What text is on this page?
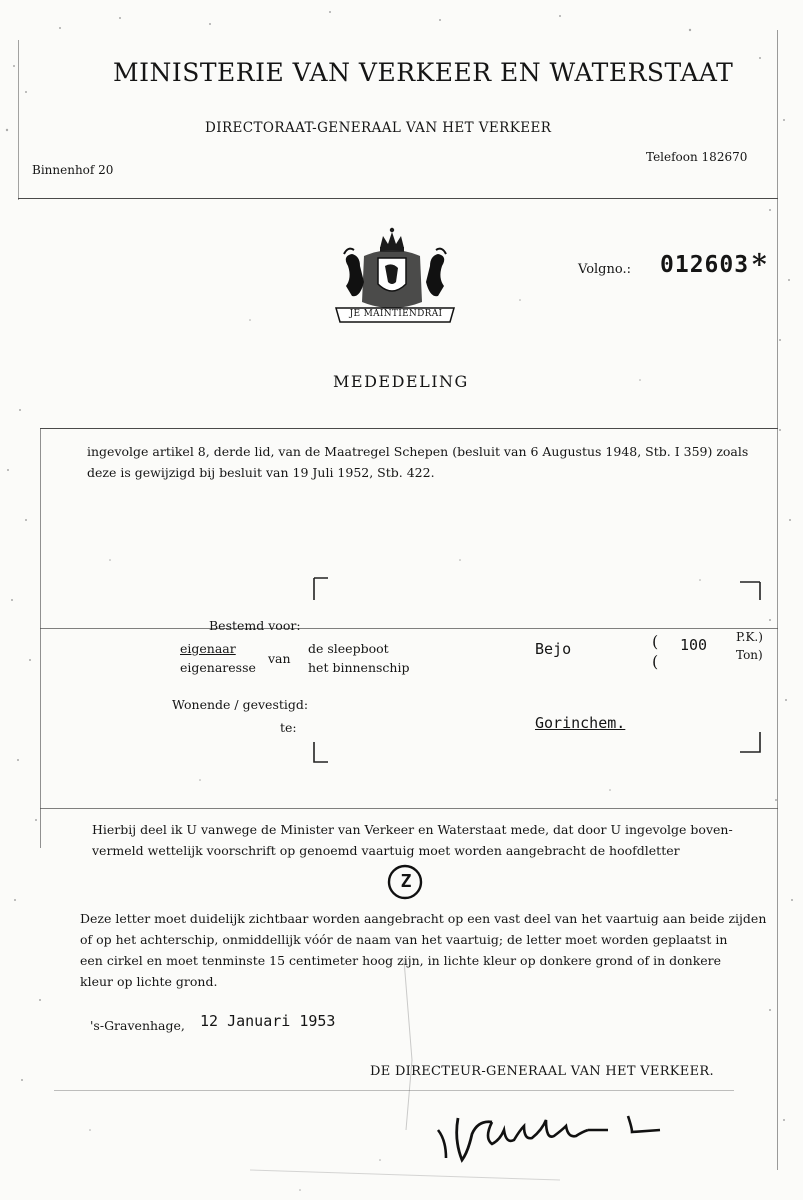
MINISTERIE VAN VERKEER EN WATERSTAAT
DIRECTORAAT-GENERAAL VAN HET VERKEER
Binnenhof 20
Telefoon 182670
JE MAINTIENDRAI
Volgno.: 012603 *
MEDEDELING
ingevolge artikel 8, derde lid, van de Maatregel Schepen (besluit van 6 Augustus 1948, Stb. I 359) zoals
deze is gewijzigd bij besluit van 19 Juli 1952, Stb. 422.
Bestemd voor:
eigenaar
eigenaresse
van
de sleepboot
het binnenschip
Bejo	(
(
100 P.K.)
Ton)
Wonende / gevestigd:
te:	Gorinchem.
Hierbij deel ik U vanwege de Minister van Verkeer en Waterstaat mede, dat door U ingevolge boven-
vermeld wettelijk voorschrift op genoemd vaartuig moet worden aangebracht de hoofdletter
Z
Deze letter moet duidelijk zichtbaar worden aangebracht op een vast deel van het vaartuig aan beide zijden
of op het achterschip, onmiddellijk vóór de naam van het vaartuig; de letter moet worden geplaatst in
een cirkel en moet tenminste 15 centimeter hoog zijn, in lichte kleur op donkere grond of in donkere
kleur op lichte grond.
's-Gravenhage, 12 Januari 1953
DE DIRECTEUR-GENERAAL VAN HET VERKEER.
